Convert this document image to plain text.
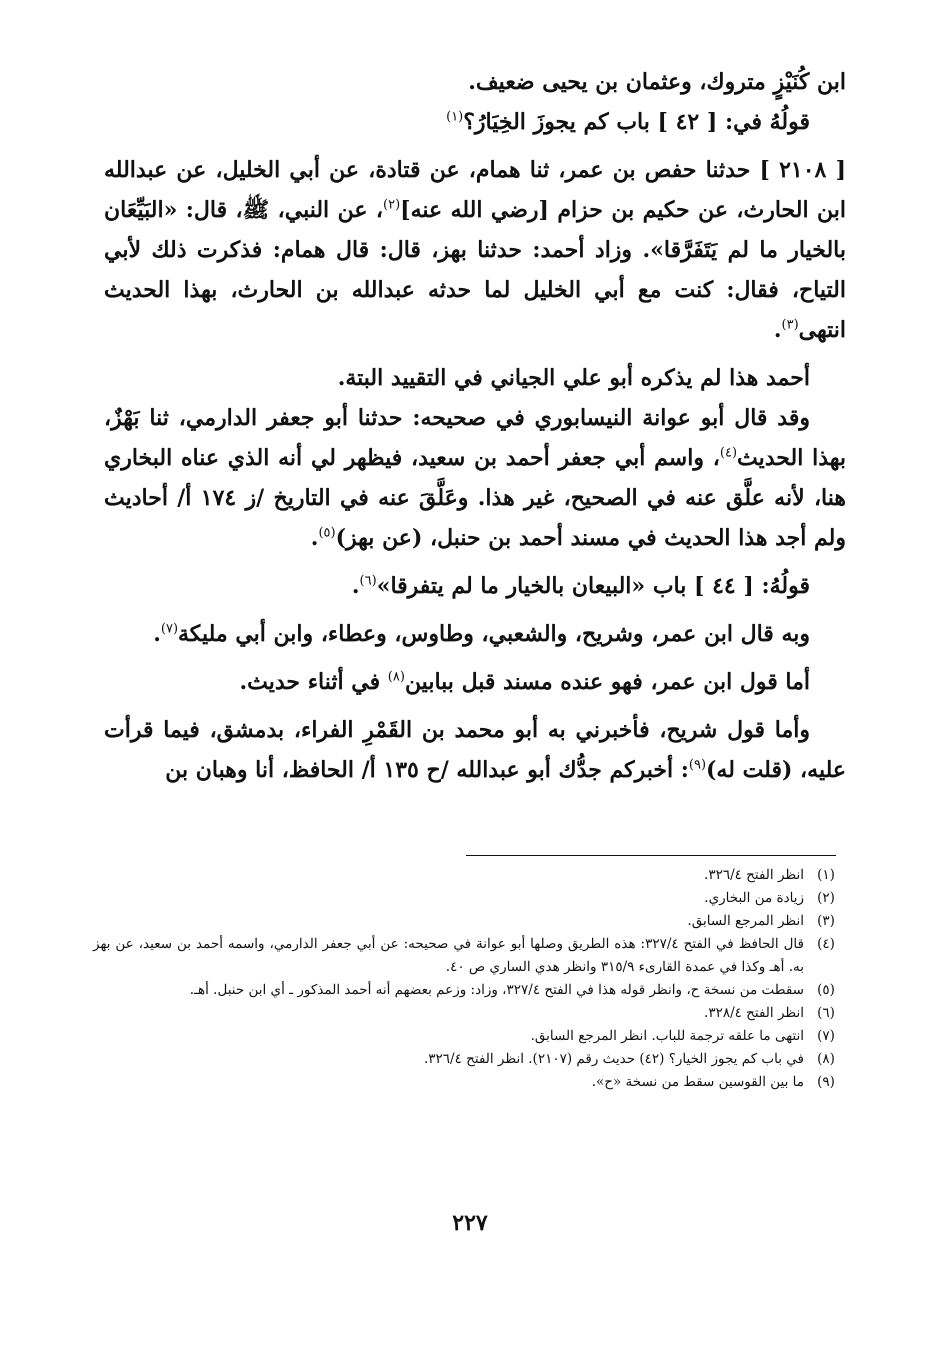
ابن كُنَيْزٍ متروك، وعثمان بن يحيى ضعيف.

قولُهُ في: [ ٤٢ ] باب كم يجوزَ الخِيَارُ؟$^{(١)}$

[ ٢١٠٨ ] حدثنا حفص بن عمر، ثنا همام، عن قتادة، عن أبي الخليل، عن عبدالله ابن الحارث، عن حكيم بن حزام [رضي الله عنه]$^{(٢)}$، عن النبي، ﷺ، قال: «البَيِّعَان بالخيار ما لم يَتَفَرَّقا». وزاد أحمد: حدثنا بهز، قال: قال همام: فذكرت ذلك لأبي التياح، فقال: كنت مع أبي الخليل لما حدثه عبدالله بن الحارث، بهذا الحديث انتهى$^{(٣)}$.

أحمد هذا لم يذكره أبو علي الجياني في التقييد البتة.

وقد قال أبو عوانة النيسابوري في صحيحه: حدثنا أبو جعفر الدارمي، ثنا بَهْزٌ، بهذا الحديث$^{(٤)}$، واسم أبي جعفر أحمد بن سعيد، فيظهر لي أنه الذي عناه البخاري هنا، لأنه علَّق عنه في الصحيح، غير هذا. وعَلَّقَ عنه في التاريخ /ز ١٧٤ أ/ أحاديث ولم أجد هذا الحديث في مسند أحمد بن حنبل، (عن بهز)$^{(٥)}$.

قولُهُ: [ ٤٤ ] باب «البيعان بالخيار ما لم يتفرقا»$^{(٦)}$.

وبه قال ابن عمر، وشريح، والشعبي، وطاوس، وعطاء، وابن أبي مليكة$^{(٧)}$.

أما قول ابن عمر، فهو عنده مسند قبل ببابين$^{(٨)}$ في أثناء حديث.

وأما قول شريح، فأخبرني به أبو محمد بن القَمْرِ الفراء، بدمشق، فيما قرأت عليه، (قلت له)$^{(٩)}$: أخبركم جدُّك أبو عبدالله /ح ١٣٥ أ/ الحافظ، أنا وهبان بن

(١)
انظر الفتح ٣٢٦/٤.
(٢)
زيادة من البخاري.
(٣)
انظر المرجع السابق.
(٤)
قال الحافظ في الفتح ٣٢٧/٤: هذه الطريق وصلها أبو عوانة في صحيحه: عن أبي جعفر الدارمي، واسمه أحمد بن سعيد، عن بهز به. أهـ وكذا في عمدة القارىء ٣١٥/٩ وانظر هدي الساري ص ٤٠.
(٥)
سقطت من نسخة ح، وانظر قوله هذا في الفتح ٣٢٧/٤، وزاد: وزعم بعضهم أنه أحمد المذكور ـ أي ابن حنبل. أهـ.
(٦)
انظر الفتح ٣٢٨/٤.
(٧)
انتهى ما علقه ترجمة للباب. انظر المرجع السابق.
(٨)
في باب كم يجوز الخيار؟ (٤٢) حديث رقم (٢١٠٧). انظر الفتح ٣٢٦/٤.
(٩)
ما بين القوسين سقط من نسخة «ح».
٢٢٧
